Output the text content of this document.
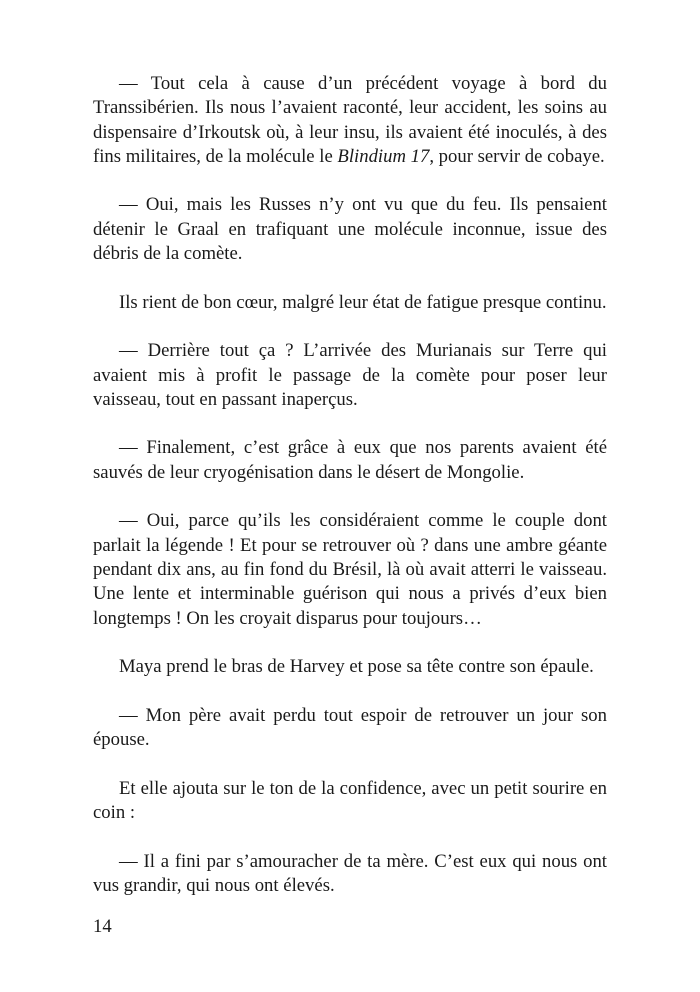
— Tout cela à cause d’un précédent voyage à bord du Transsibérien. Ils nous l’avaient raconté, leur accident, les soins au dispensaire d’Irkoutsk où, à leur insu, ils avaient été inoculés, à des fins militaires, de la molécule le Blindium 17, pour servir de cobaye.

— Oui, mais les Russes n’y ont vu que du feu. Ils pensaient détenir le Graal en trafiquant une molécule inconnue, issue des débris de la comète.

Ils rient de bon cœur, malgré leur état de fatigue presque continu.

— Derrière tout ça ? L’arrivée des Murianais sur Terre qui avaient mis à profit le passage de la comète pour poser leur vaisseau, tout en passant inaperçus.

— Finalement, c’est grâce à eux que nos parents avaient été sauvés de leur cryogénisation dans le désert de Mongolie.

— Oui, parce qu’ils les considéraient comme le couple dont parlait la légende ! Et pour se retrouver où ? dans une ambre géante pendant dix ans, au fin fond du Brésil, là où avait atterri le vaisseau. Une lente et interminable guérison qui nous a privés d’eux bien longtemps ! On les croyait disparus pour toujours…

Maya prend le bras de Harvey et pose sa tête contre son épaule.

— Mon père avait perdu tout espoir de retrouver un jour son épouse.

Et elle ajouta sur le ton de la confidence, avec un petit sourire en coin :

— Il a fini par s’amouracher de ta mère. C’est eux qui nous ont vus grandir, qui nous ont élevés.

14
